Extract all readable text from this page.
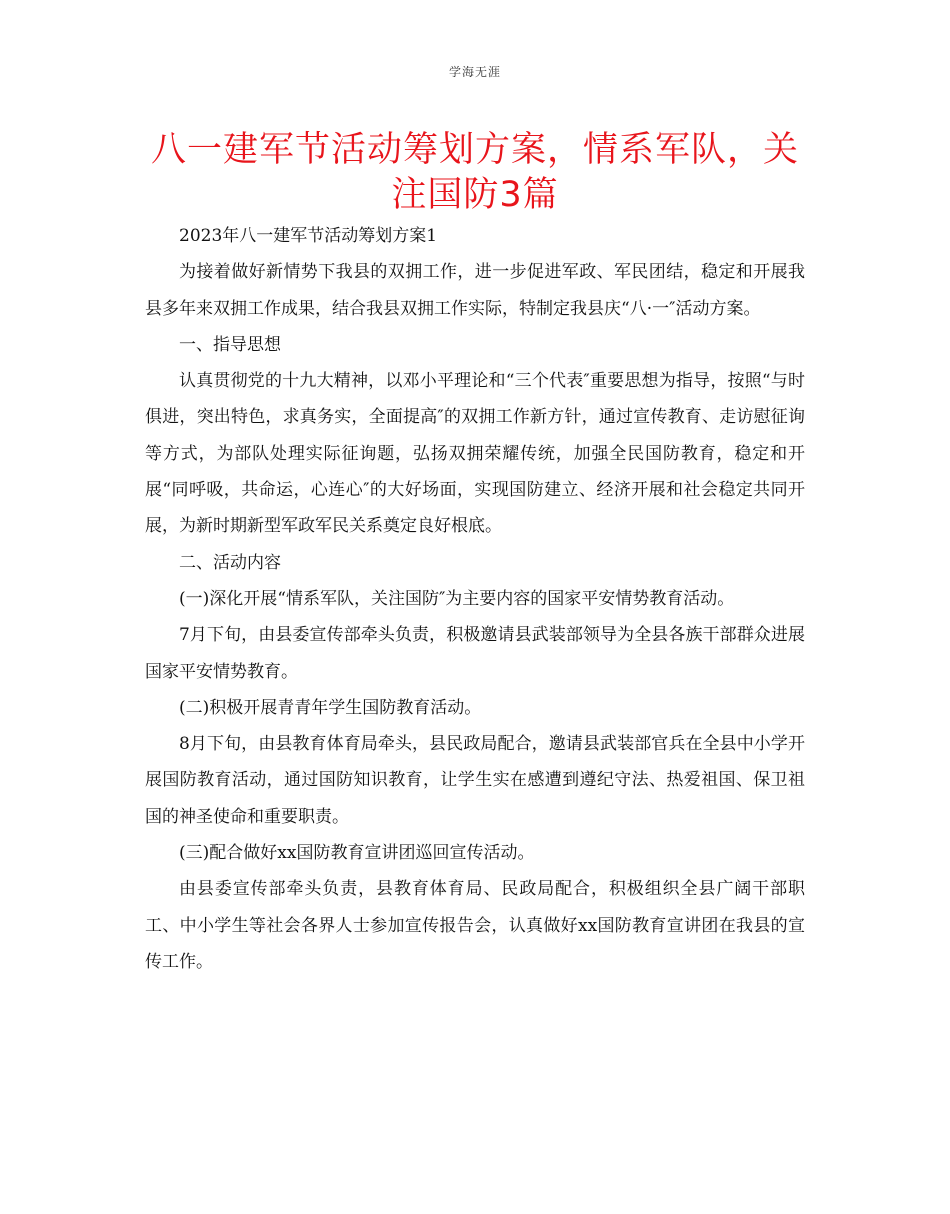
学海无涯
八一建军节活动筹划方案，情系军队，关注国防3篇

2023年八一建军节活动筹划方案1

为接着做好新情势下我县的双拥工作，进一步促进军政、军民团结，稳定和开展我县多年来双拥工作成果，结合我县双拥工作实际，特制定我县庆“八·一″活动方案。

一、指导思想

认真贯彻党的十九大精神，以邓小平理论和“三个代表″重要思想为指导，按照“与时俱进，突出特色，求真务实，全面提高″的双拥工作新方针，通过宣传教育、走访慰征询等方式，为部队处理实际征询题，弘扬双拥荣耀传统，加强全民国防教育，稳定和开展“同呼吸，共命运，心连心″的大好场面，实现国防建立、经济开展和社会稳定共同开展，为新时期新型军政军民关系奠定良好根底。

二、活动内容

(一)深化开展“情系军队，关注国防″为主要内容的国家平安情势教育活动。

7月下旬，由县委宣传部牵头负责，积极邀请县武装部领导为全县各族干部群众进展国家平安情势教育。

(二)积极开展青青年学生国防教育活动。

8月下旬，由县教育体育局牵头，县民政局配合，邀请县武装部官兵在全县中小学开展国防教育活动，通过国防知识教育，让学生实在感遭到遵纪守法、热爱祖国、保卫祖国的神圣使命和重要职责。

(三)配合做好xx国防教育宣讲团巡回宣传活动。

由县委宣传部牵头负责，县教育体育局、民政局配合，积极组织全县广阔干部职工、中小学生等社会各界人士参加宣传报告会，认真做好xx国防教育宣讲团在我县的宣传工作。
